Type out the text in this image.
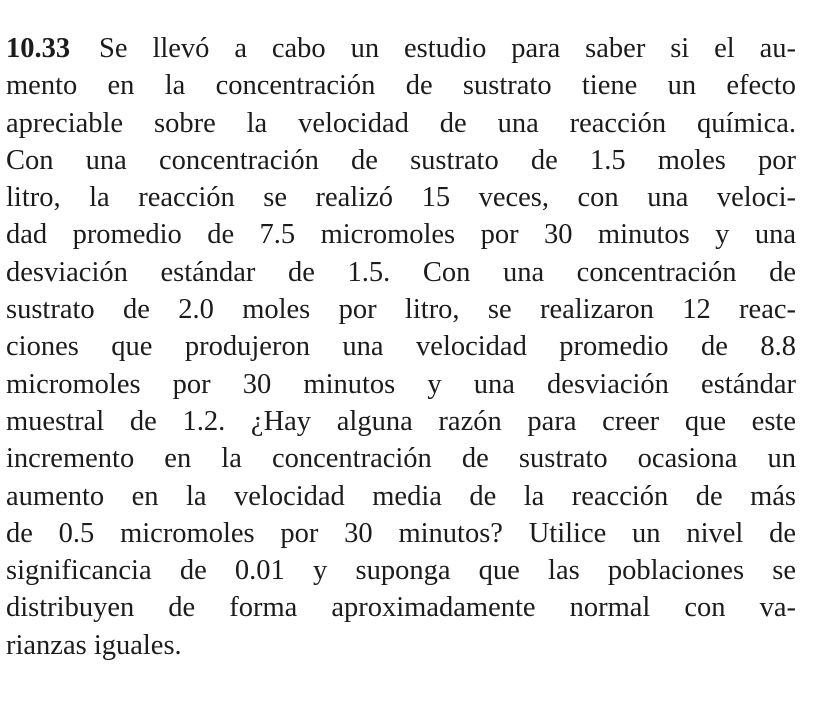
10.33 Se llevó a cabo un estudio para saber si el au-
mento en la concentración de sustrato tiene un efecto
apreciable sobre la velocidad de una reacción química.
Con una concentración de sustrato de 1.5 moles por
litro, la reacción se realizó 15 veces, con una veloci-
dad promedio de 7.5 micromoles por 30 minutos y una
desviación estándar de 1.5. Con una concentración de
sustrato de 2.0 moles por litro, se realizaron 12 reac-
ciones que produjeron una velocidad promedio de 8.8
micromoles por 30 minutos y una desviación estándar
muestral de 1.2. ¿Hay alguna razón para creer que este
incremento en la concentración de sustrato ocasiona un
aumento en la velocidad media de la reacción de más
de 0.5 micromoles por 30 minutos? Utilice un nivel de
significancia de 0.01 y suponga que las poblaciones se
distribuyen de forma aproximadamente normal con va-
rianzas iguales.
